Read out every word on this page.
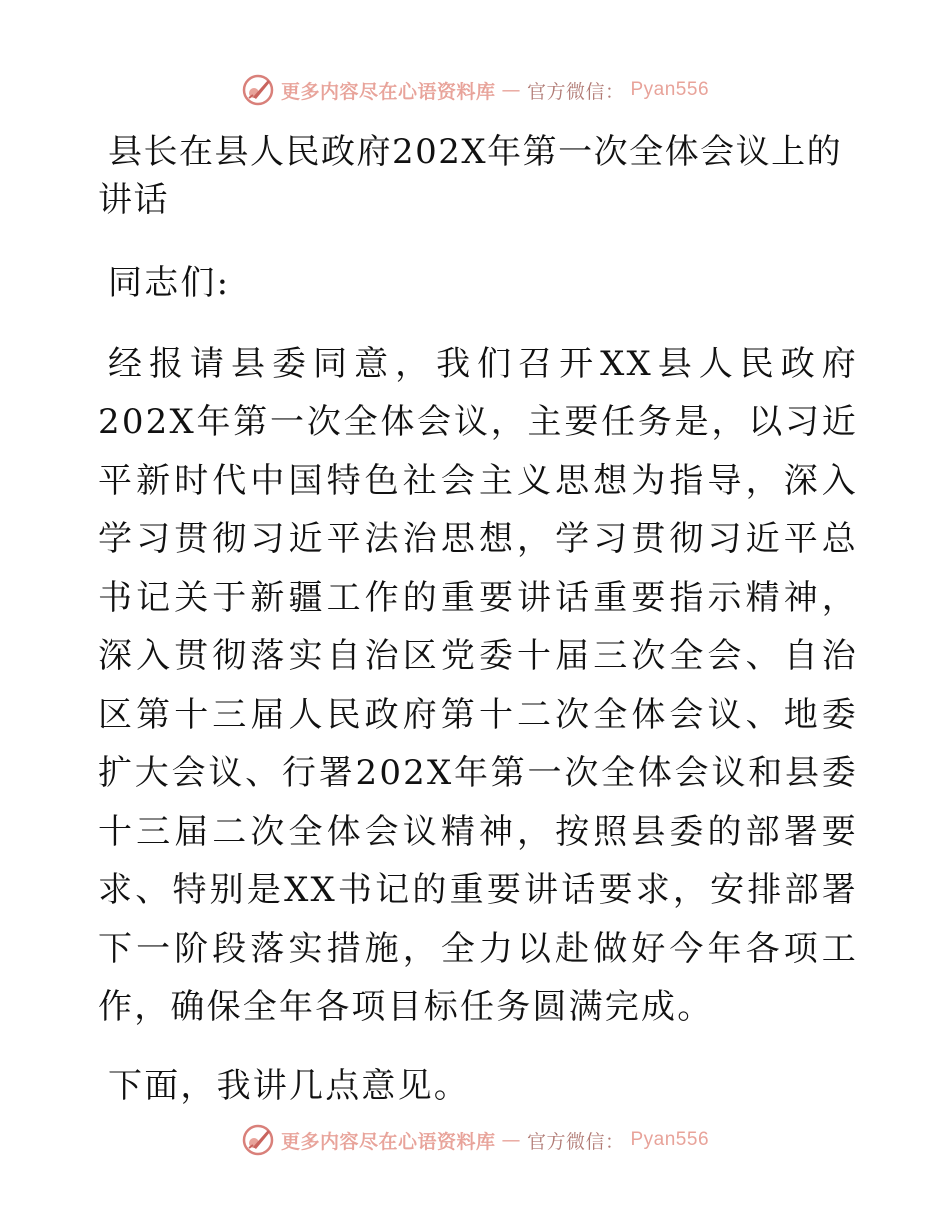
更多内容尽在心语资料库 — 官方微信： Pyan556
县长在县人民政府202X年第一次全体会议上的讲话

同志们:

经报请县委同意，我们召开XX县人民政府202X年第一次全体会议，主要任务是，以习近平新时代中国特色社会主义思想为指导，深入学习贯彻习近平法治思想，学习贯彻习近平总书记关于新疆工作的重要讲话重要指示精神，深入贯彻落实自治区党委十届三次全会、自治区第十三届人民政府第十二次全体会议、地委扩大会议、行署202X年第一次全体会议和县委十三届二次全体会议精神，按照县委的部署要求、特别是XX书记的重要讲话要求，安排部署下一阶段落实措施，全力以赴做好今年各项工作，确保全年各项目标任务圆满完成。

下面，我讲几点意见。

更多内容尽在心语资料库 — 官方微信： Pyan556
